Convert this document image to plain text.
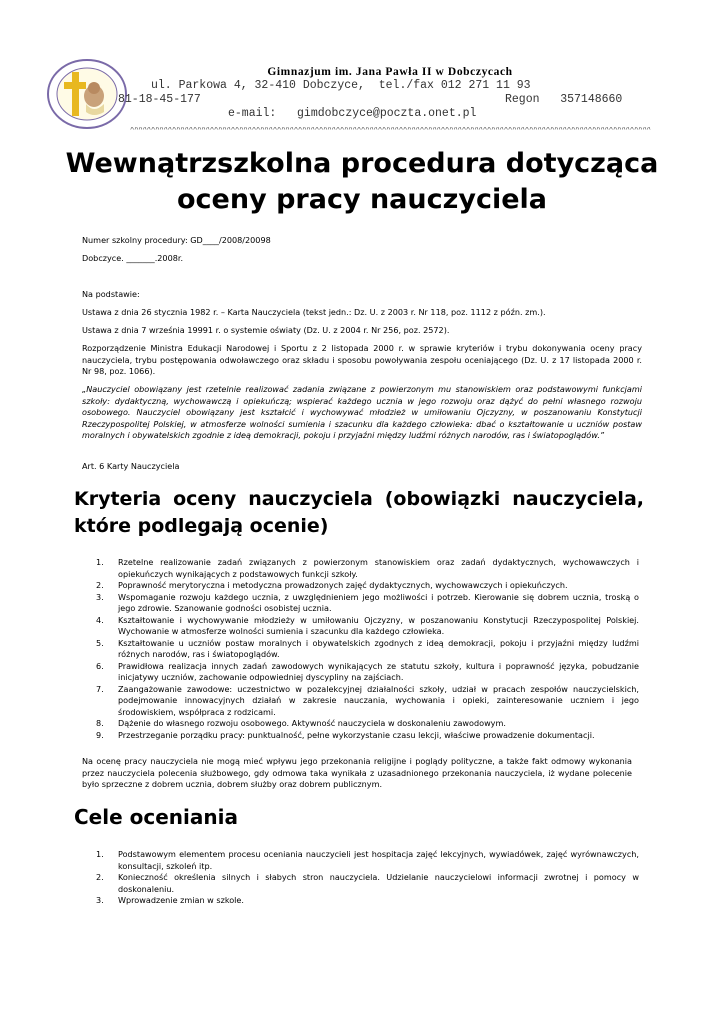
Gimnazjum im. Jana Pawła II w Dobczycach
ul. Parkowa 4, 32-410 Dobczyce,  tel./fax 012 271 11 93
81-18-45-177	Regon   357148660
e-mail:   gimdobczyce@poczta.onet.pl
^^^^^^^^^^^^^^^^^^^^^^^^^^^^^^^^^^^^^^^^^^^^^^^^^^^^^^^^^^^^^^^^^^^^^^^^^^^^^^^^^^^^^^^^^^^^^^^^^^^^^^^^^^^^^^^^^^^^^^^^^^^^
Wewnątrzszkolna procedura dotycząca oceny pracy nauczyciela

Numer szkolny procedury: GD____/2008/20098

Dobczyce. _______.2008r.

Na podstawie:

Ustawa z dnia 26 stycznia 1982 r. – Karta Nauczyciela (tekst jedn.: Dz. U. z 2003 r. Nr 118, poz. 1112 z późn. zm.).

Ustawa z dnia 7 września 19991 r. o systemie oświaty (Dz. U. z 2004 r. Nr 256, poz. 2572).

Rozporządzenie Ministra Edukacji Narodowej i Sportu z 2 listopada 2000 r. w sprawie kryteriów i trybu dokonywania oceny pracy nauczyciela, trybu postępowania odwoławczego oraz składu i sposobu powoływania zespołu oceniającego (Dz. U. z 17 listopada 2000 r. Nr 98, poz. 1066).

„Nauczyciel obowiązany jest rzetelnie realizować zadania związane z powierzonym mu stanowiskiem oraz podstawowymi funkcjami szkoły: dydaktyczną, wychowawczą i opiekuńczą; wspierać każdego ucznia w jego rozwoju oraz dążyć do pełni własnego rozwoju osobowego. Nauczyciel obowiązany jest kształcić i wychowywać młodzież w umiłowaniu Ojczyzny, w poszanowaniu Konstytucji Rzeczypospolitej Polskiej, w atmosferze wolności sumienia i szacunku dla każdego człowieka: dbać o kształtowanie u uczniów postaw moralnych i obywatelskich zgodnie z ideą demokracji, pokoju i przyjaźni między ludźmi różnych narodów, ras i światopoglądów.”

Art. 6 Karty Nauczyciela

Kryteria oceny nauczyciela (obowiązki nauczyciela, które podlegają ocenie)
1. Rzetelne realizowanie zadań związanych z powierzonym stanowiskiem oraz zadań dydaktycznych, wychowawczych i opiekuńczych wynikających z podstawowych funkcji szkoły.
2. Poprawność merytoryczna i metodyczna prowadzonych zajęć dydaktycznych, wychowawczych i opiekuńczych.
3. Wspomaganie rozwoju każdego ucznia, z uwzględnieniem jego możliwości i potrzeb. Kierowanie się dobrem ucznia, troską o jego zdrowie. Szanowanie godności osobistej ucznia.
4. Kształtowanie i wychowywanie młodzieży w umiłowaniu Ojczyzny, w poszanowaniu Konstytucji Rzeczypospolitej Polskiej. Wychowanie w atmosferze wolności sumienia i szacunku dla każdego człowieka.
5. Kształtowanie u uczniów postaw moralnych i obywatelskich zgodnych z ideą demokracji, pokoju i przyjaźni między ludźmi różnych narodów, ras i światopoglądów.
6. Prawidłowa realizacja innych zadań zawodowych wynikających ze statutu szkoły, kultura i poprawność języka, pobudzanie inicjatywy uczniów, zachowanie odpowiedniej dyscypliny na zajściach.
7. Zaangażowanie zawodowe: uczestnictwo w pozalekcyjnej działalności szkoły, udział w pracach zespołów nauczycielskich, podejmowanie innowacyjnych działań w zakresie nauczania, wychowania i opieki, zainteresowanie uczniem i jego środowiskiem, współpraca z rodzicami.
8. Dążenie do własnego rozwoju osobowego. Aktywność nauczyciela w doskonaleniu zawodowym.
9. Przestrzeganie porządku pracy: punktualność, pełne wykorzystanie czasu lekcji, właściwe prowadzenie dokumentacji.

Na ocenę pracy nauczyciela nie mogą mieć wpływu jego przekonania religijne i poglądy polityczne, a także fakt odmowy wykonania przez nauczyciela polecenia służbowego, gdy odmowa taka wynikała z uzasadnionego przekonania nauczyciela, iż wydane polecenie było sprzeczne z dobrem ucznia, dobrem służby oraz dobrem publicznym.

Cele oceniania
1. Podstawowym elementem procesu oceniania nauczycieli jest hospitacja zajęć lekcyjnych, wywiadówek, zajęć wyrównawczych, konsultacji, szkoleń itp.
2. Konieczność określenia silnych i słabych stron nauczyciela. Udzielanie nauczycielowi informacji zwrotnej i pomocy w doskonaleniu.
3. Wprowadzenie zmian w szkole.
